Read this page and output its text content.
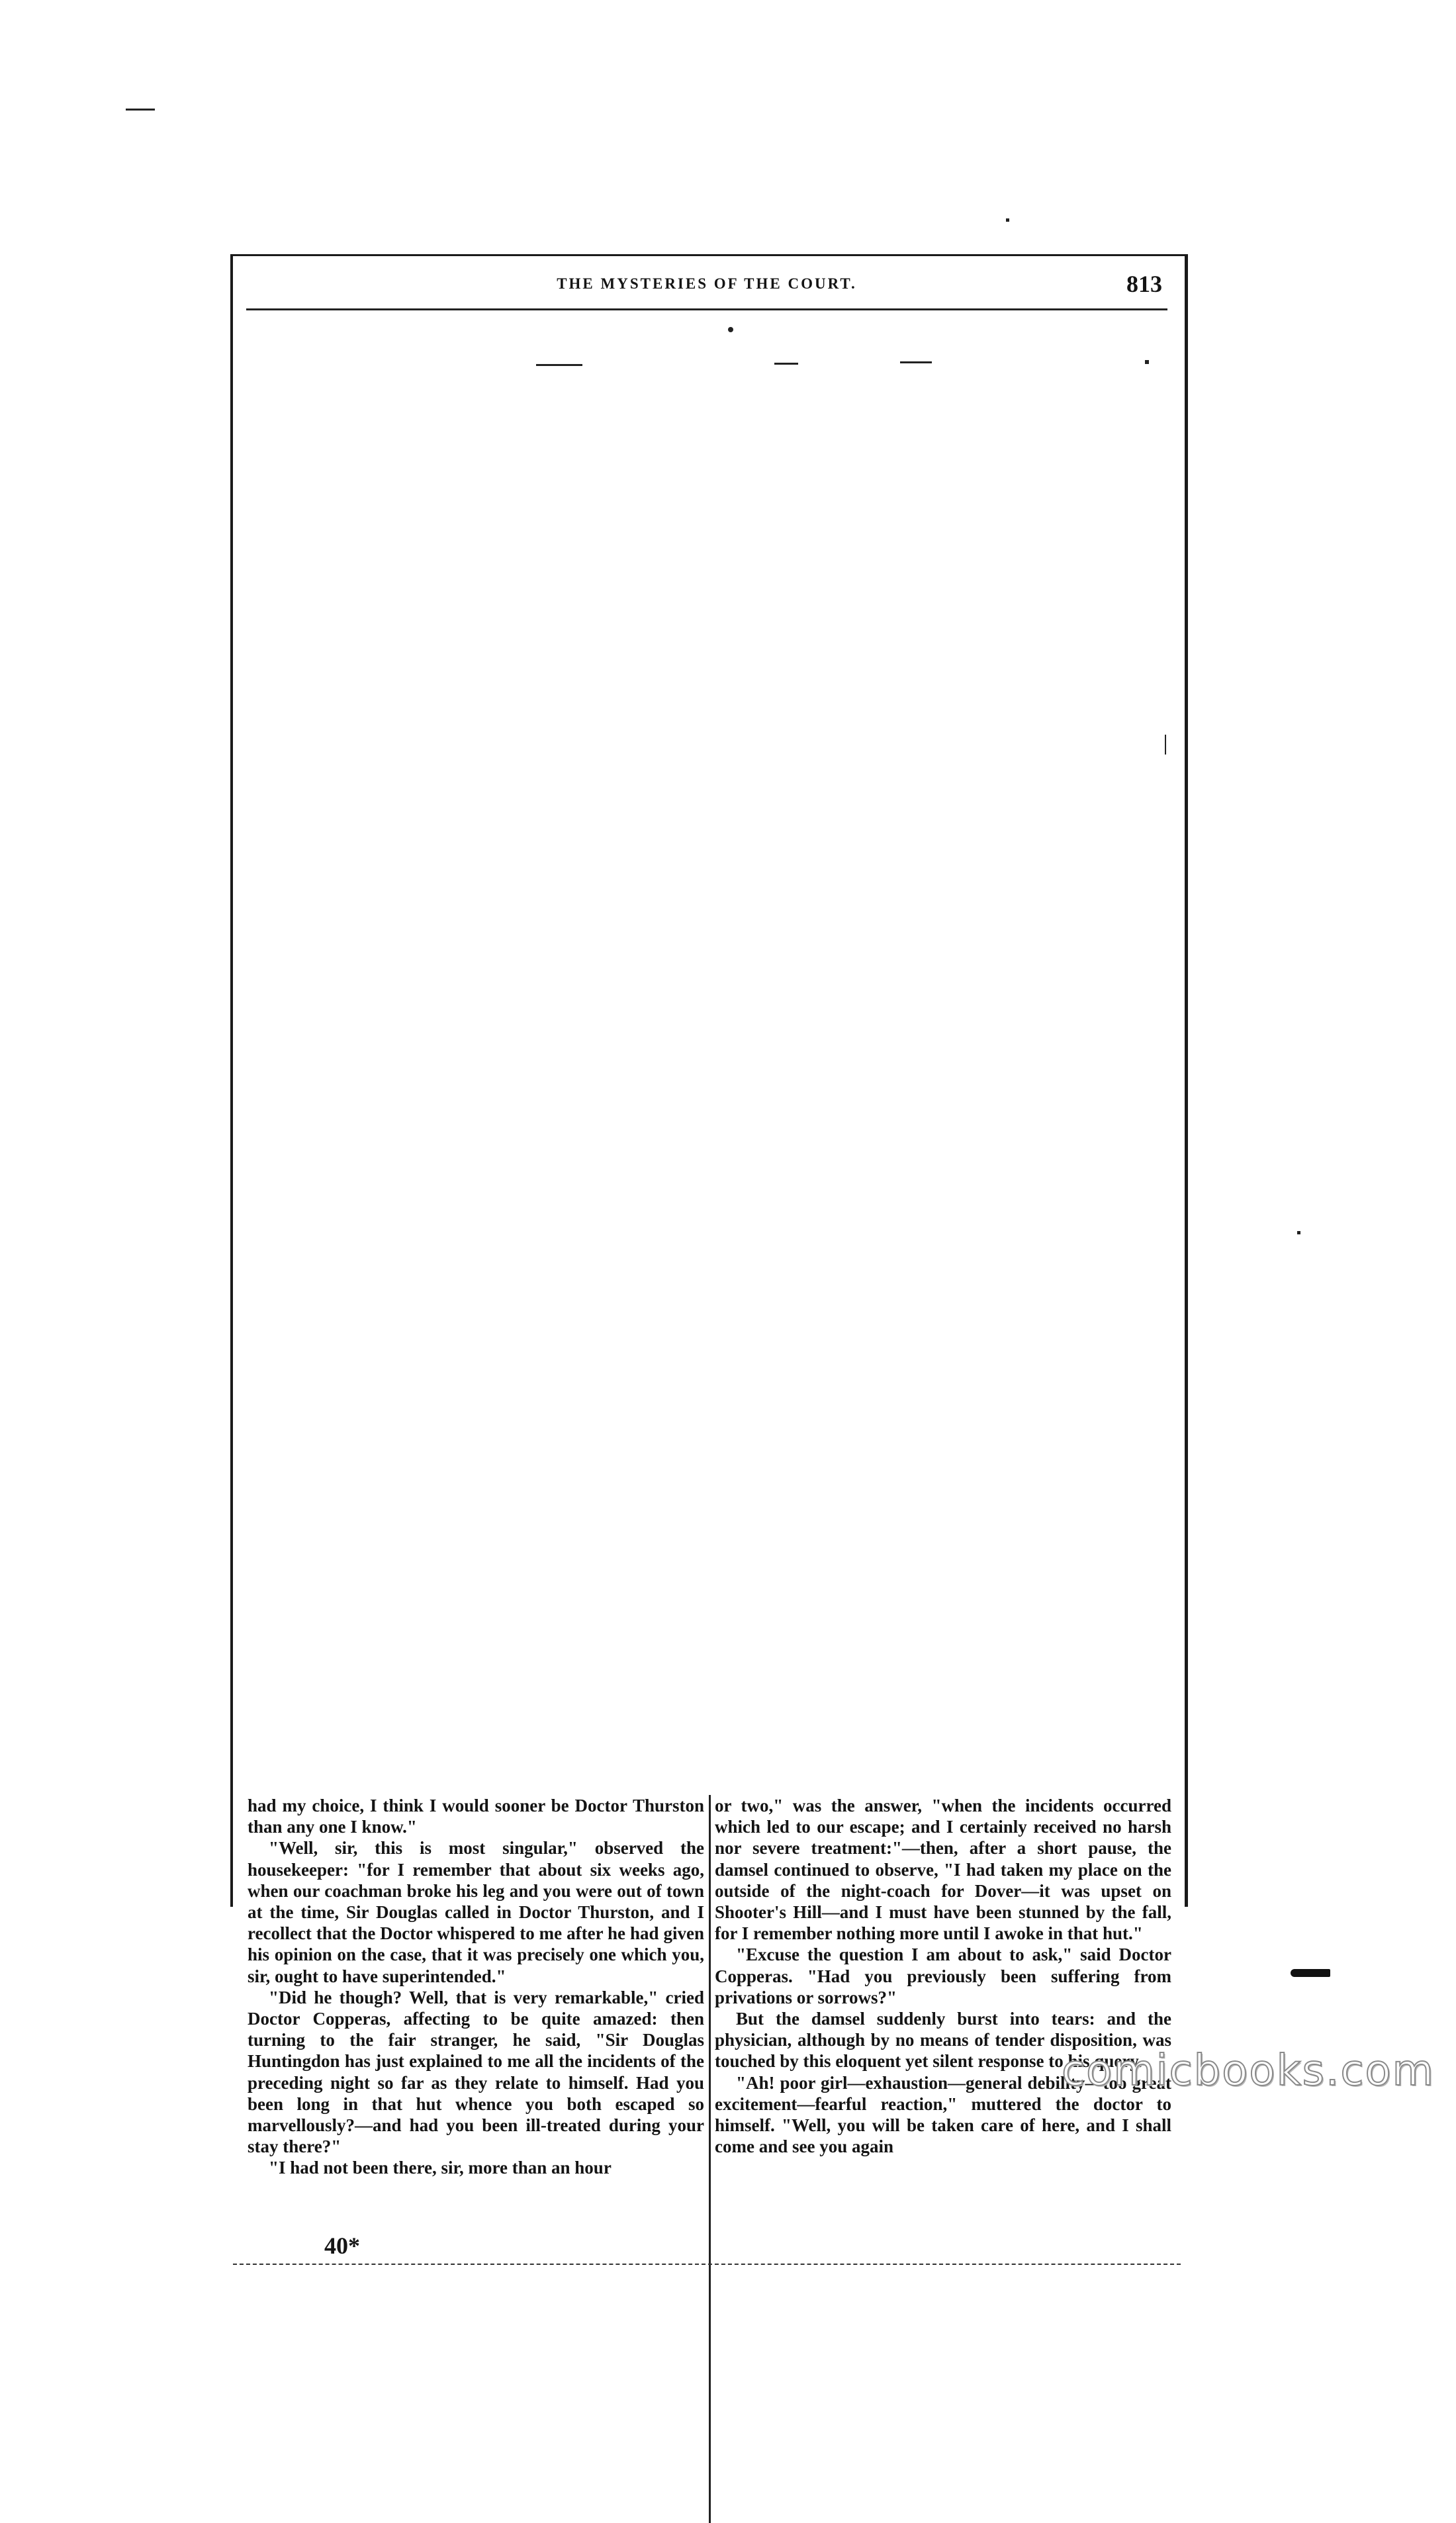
THE MYSTERIES OF THE COURT.	813

had my choice, I think I would sooner be Doctor Thurston than any one I know."

"Well, sir, this is most singular," observed the housekeeper: "for I remember that about six weeks ago, when our coachman broke his leg and you were out of town at the time, Sir Douglas called in Doctor Thurston, and I recollect that the Doctor whispered to me after he had given his opinion on the case, that it was precisely one which you, sir, ought to have superintended."

"Did he though? Well, that is very remarkable," cried Doctor Copperas, affecting to be quite amazed: then turning to the fair stranger, he said, "Sir Douglas Huntingdon has just explained to me all the incidents of the preceding night so far as they relate to himself. Had you been long in that hut whence you both escaped so marvellously?—and had you been ill-treated during your stay there?"

"I had not been there, sir, more than an hour

or two," was the answer, "when the incidents occurred which led to our escape; and I certainly received no harsh nor severe treatment:"—then, after a short pause, the damsel continued to observe, "I had taken my place on the outside of the night-coach for Dover—it was upset on Shooter's Hill—and I must have been stunned by the fall, for I remember nothing more until I awoke in that hut."

"Excuse the question I am about to ask," said Doctor Copperas. "Had you previously been suffering from privations or sorrows?"

But the damsel suddenly burst into tears: and the physician, although by no means of tender disposition, was touched by this eloquent yet silent response to his query.

"Ah! poor girl—exhaustion—general debility—too great excitement—fearful reaction," muttered the doctor to himself. "Well, you will be taken care of here, and I shall come and see you again

40*
comicbooks.com
